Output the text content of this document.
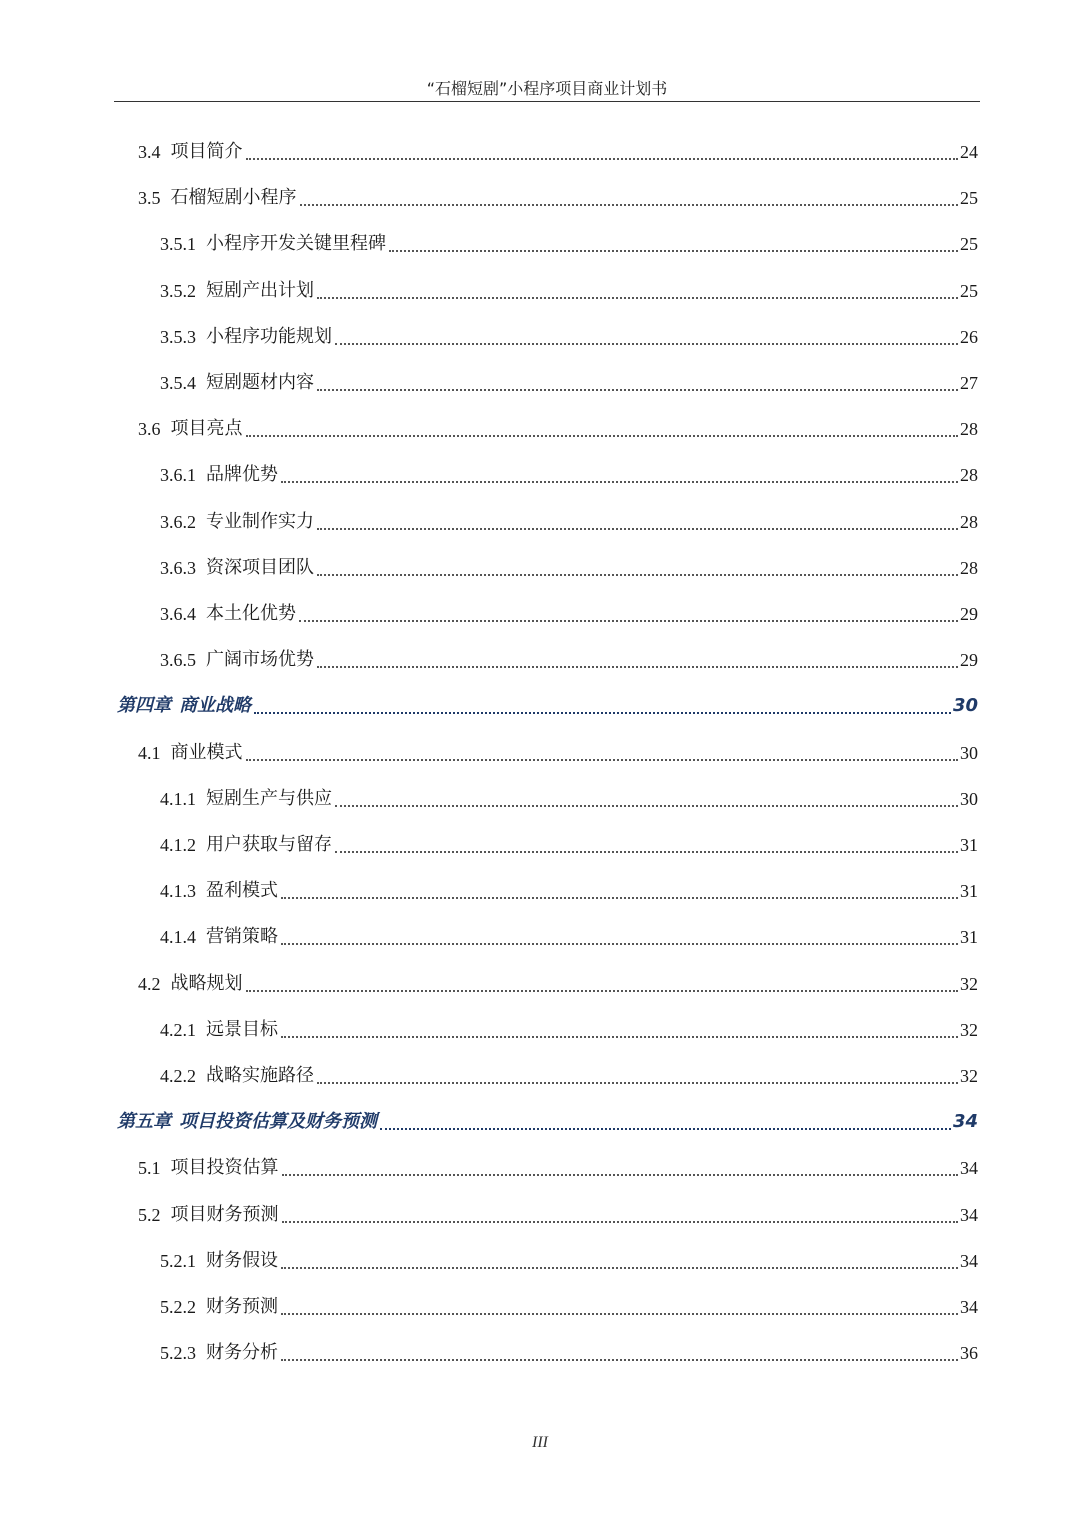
“石榴短剧”小程序项目商业计划书
3.4 项目简介	24
3.5 石榴短剧小程序	25
3.5.1 小程序开发关键里程碑	25
3.5.2 短剧产出计划	25
3.5.3 小程序功能规划	26
3.5.4 短剧题材内容	27
3.6 项目亮点	28
3.6.1 品牌优势	28
3.6.2 专业制作实力	28
3.6.3 资深项目团队	28
3.6.4 本土化优势	29
3.6.5 广阔市场优势	29
第四章 商业战略	30
4.1 商业模式	30
4.1.1 短剧生产与供应	30
4.1.2 用户获取与留存	31
4.1.3 盈利模式	31
4.1.4 营销策略	31
4.2 战略规划	32
4.2.1 远景目标	32
4.2.2 战略实施路径	32
第五章 项目投资估算及财务预测	34
5.1 项目投资估算	34
5.2 项目财务预测	34
5.2.1 财务假设	34
5.2.2 财务预测	34
5.2.3 财务分析	36
III
